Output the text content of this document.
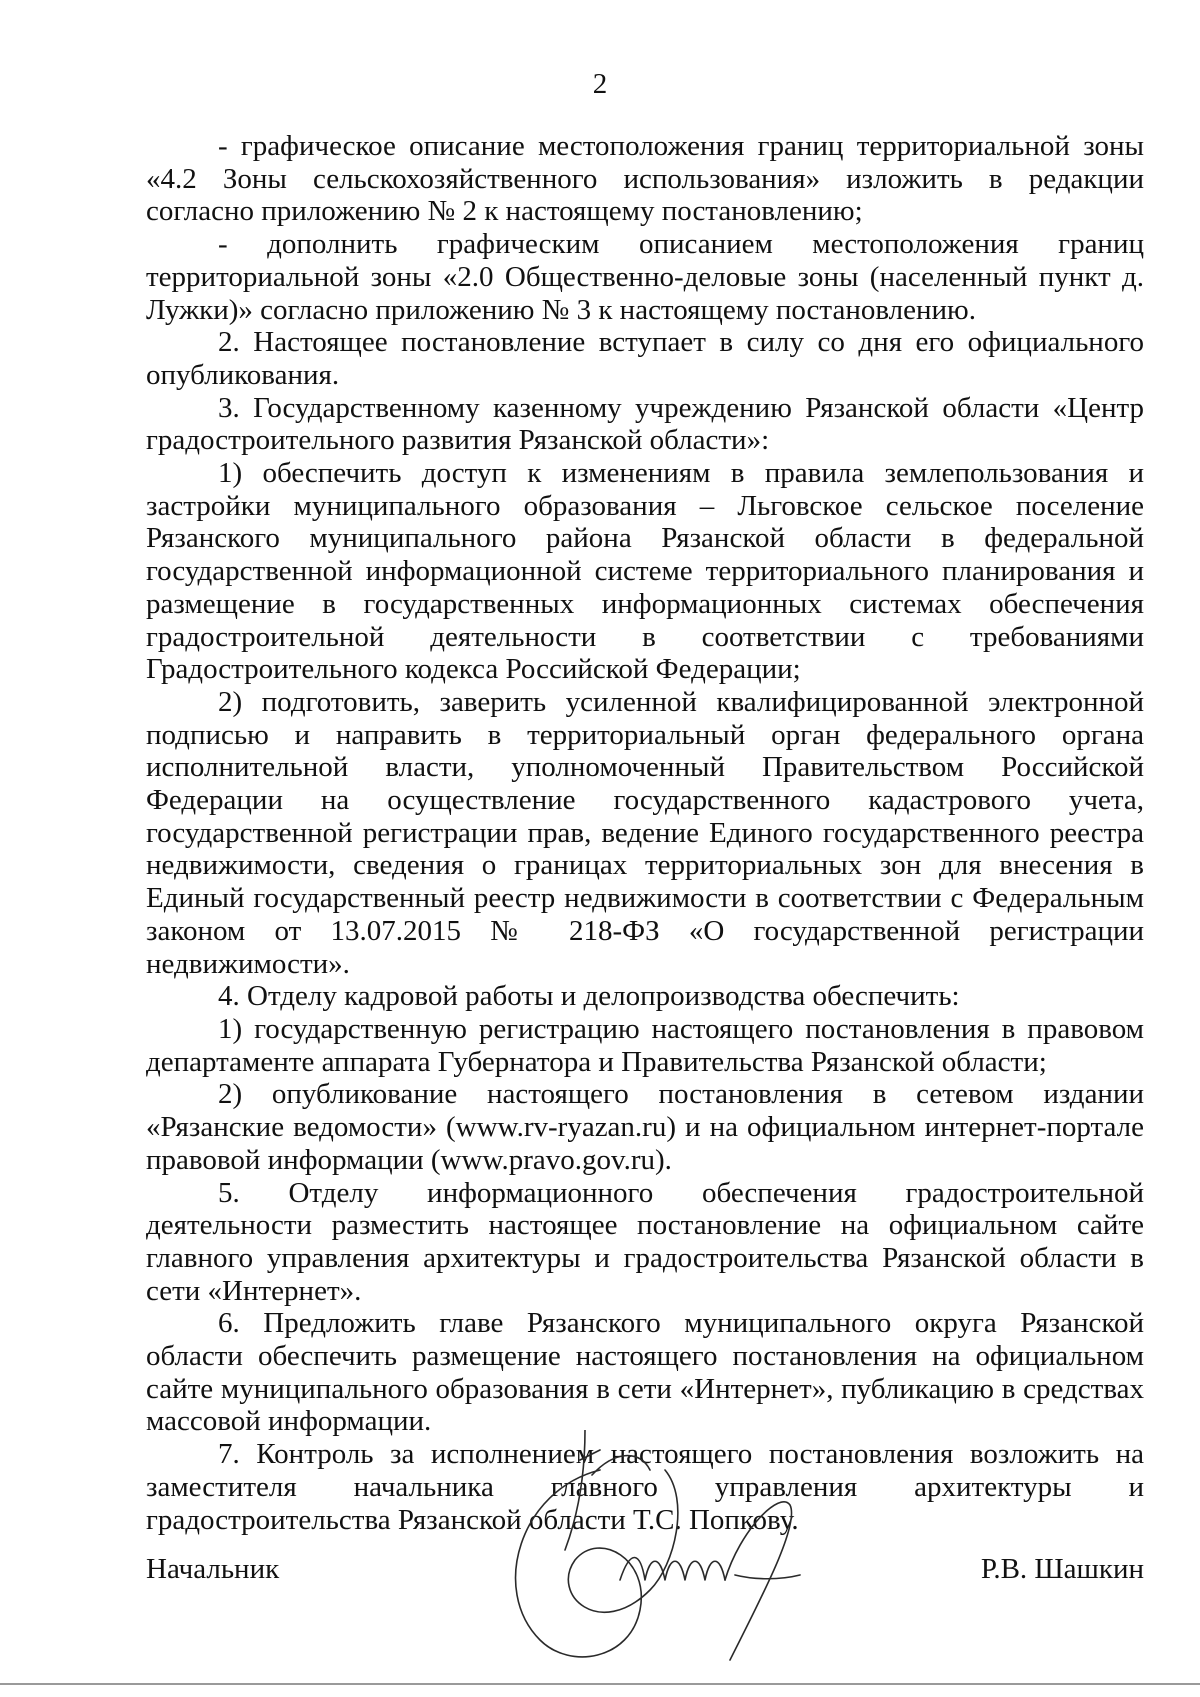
2

- графическое описание местоположения границ территориальной зоны «4.2 Зоны сельскохозяйственного использования» изложить в редакции согласно приложению № 2 к настоящему постановлению;

- дополнить графическим описанием местоположения границ территориальной зоны «2.0 Общественно-деловые зоны (населенный пункт д. Лужки)» согласно приложению № 3 к настоящему постановлению.

2. Настоящее постановление вступает в силу со дня его официального опубликования.

3. Государственному казенному учреждению Рязанской области «Центр градостроительного развития Рязанской области»:

1) обеспечить доступ к изменениям в правила землепользования и застройки муниципального образования – Льговское сельское поселение Рязанского муниципального района Рязанской области в федеральной государственной информационной системе территориального планирования и размещение в государственных информационных системах обеспечения градостроительной деятельности в соответствии с требованиями Градостроительного кодекса Российской Федерации;

2) подготовить, заверить усиленной квалифицированной электронной подписью и направить в территориальный орган федерального органа исполнительной власти, уполномоченный Правительством Российской Федерации на осуществление государственного кадастрового учета, государственной регистрации прав, ведение Единого государственного реестра недвижимости, сведения о границах территориальных зон для внесения в Единый государственный реестр недвижимости в соответствии с Федеральным законом от 13.07.2015 № 218-ФЗ «О государственной регистрации недвижимости».

4. Отделу кадровой работы и делопроизводства обеспечить:

1) государственную регистрацию настоящего постановления в правовом департаменте аппарата Губернатора и Правительства Рязанской области;

2) опубликование настоящего постановления в сетевом издании «Рязанские ведомости» (www.rv-ryazan.ru) и на официальном интернет-портале правовой информации (www.pravo.gov.ru).

5. Отделу информационного обеспечения градостроительной деятельности разместить настоящее постановление на официальном сайте главного управления архитектуры и градостроительства Рязанской области в сети «Интернет».

6. Предложить главе Рязанского муниципального округа Рязанской области обеспечить размещение настоящего постановления на официальном сайте муниципального образования в сети «Интернет», публикацию в средствах массовой информации.

7. Контроль за исполнением настоящего постановления возложить на заместителя начальника главного управления архитектуры и градостроительства Рязанской области Т.С. Попкову.

Начальник	Р.В. Шашкин
